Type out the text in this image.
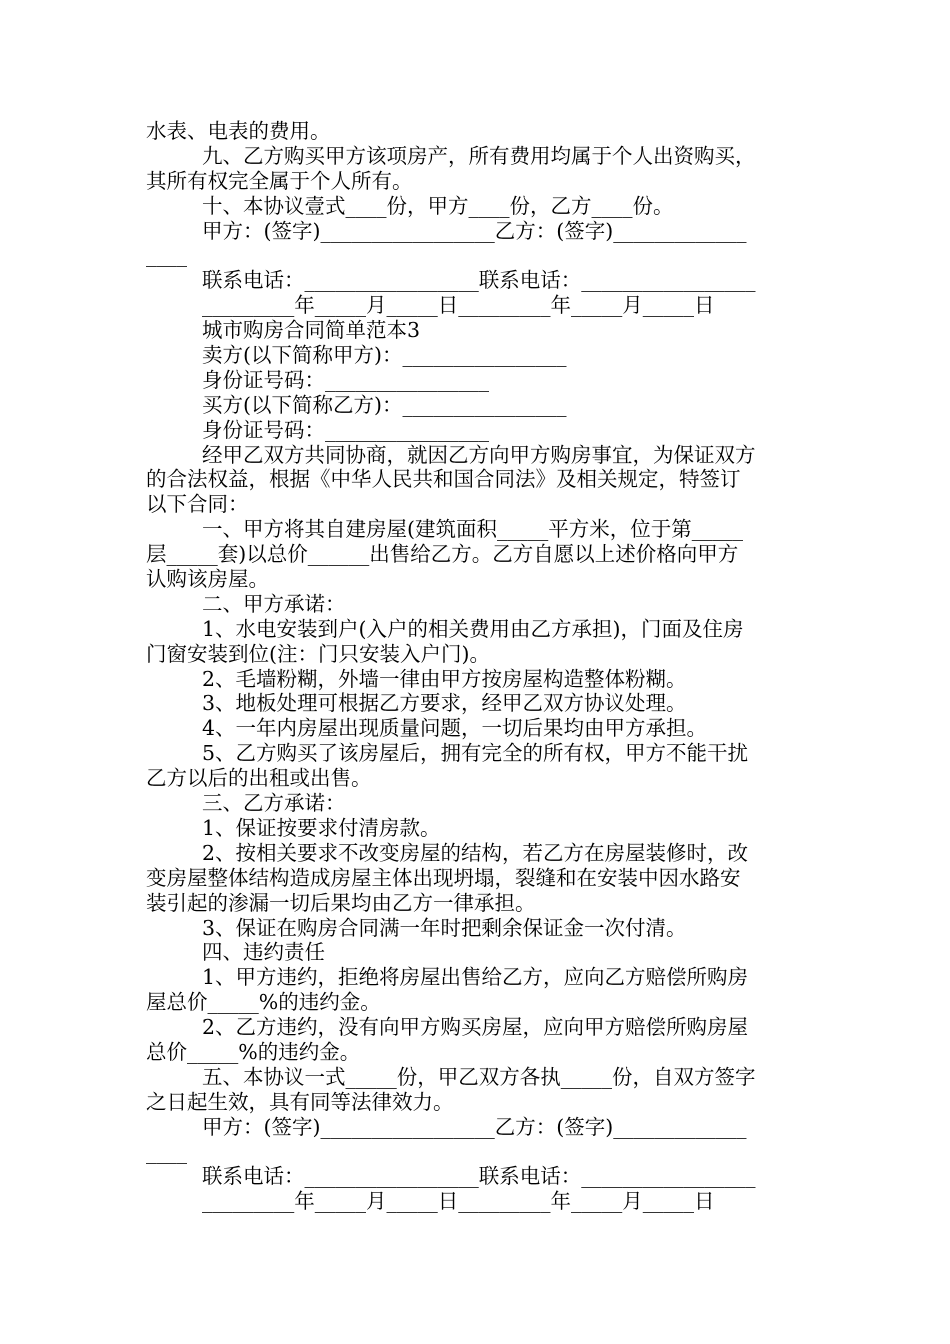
水表、电表的费用。
九、乙方购买甲方该项房产，所有费用均属于个人出资购买，
其所有权完全属于个人所有。
十、本协议壹式____份，甲方____份，乙方____份。
甲方：(签字)_________________乙方：(签字)_____________
____
联系电话：_________________联系电话：_________________
_________年_____月_____日_________年_____月_____日
城市购房合同简单范本3
卖方(以下简称甲方)：________________
身份证号码：________________
买方(以下简称乙方)：________________
身份证号码：________________
经甲乙双方共同协商，就因乙方向甲方购房事宜，为保证双方
的合法权益，根据《中华人民共和国合同法》及相关规定，特签订
以下合同：
一、甲方将其自建房屋(建筑面积_____平方米，位于第_____
层_____套)以总价______出售给乙方。乙方自愿以上述价格向甲方
认购该房屋。
二、甲方承诺：
1、水电安装到户(入户的相关费用由乙方承担)，门面及住房
门窗安装到位(注：门只安装入户门)。
2、毛墙粉糊，外墙一律由甲方按房屋构造整体粉糊。
3、地板处理可根据乙方要求，经甲乙双方协议处理。
4、一年内房屋出现质量问题，一切后果均由甲方承担。
5、乙方购买了该房屋后，拥有完全的所有权，甲方不能干扰
乙方以后的出租或出售。
三、乙方承诺：
1、保证按要求付清房款。
2、按相关要求不改变房屋的结构，若乙方在房屋装修时，改
变房屋整体结构造成房屋主体出现坍塌，裂缝和在安装中因水路安
装引起的渗漏一切后果均由乙方一律承担。
3、保证在购房合同满一年时把剩余保证金一次付清。
四、违约责任
1、甲方违约，拒绝将房屋出售给乙方，应向乙方赔偿所购房
屋总价_____%的违约金。
2、乙方违约，没有向甲方购买房屋，应向甲方赔偿所购房屋
总价_____%的违约金。
五、本协议一式_____份，甲乙双方各执_____份，自双方签字
之日起生效，具有同等法律效力。
甲方：(签字)_________________乙方：(签字)_____________
____
联系电话：_________________联系电话：_________________
_________年_____月_____日_________年_____月_____日
